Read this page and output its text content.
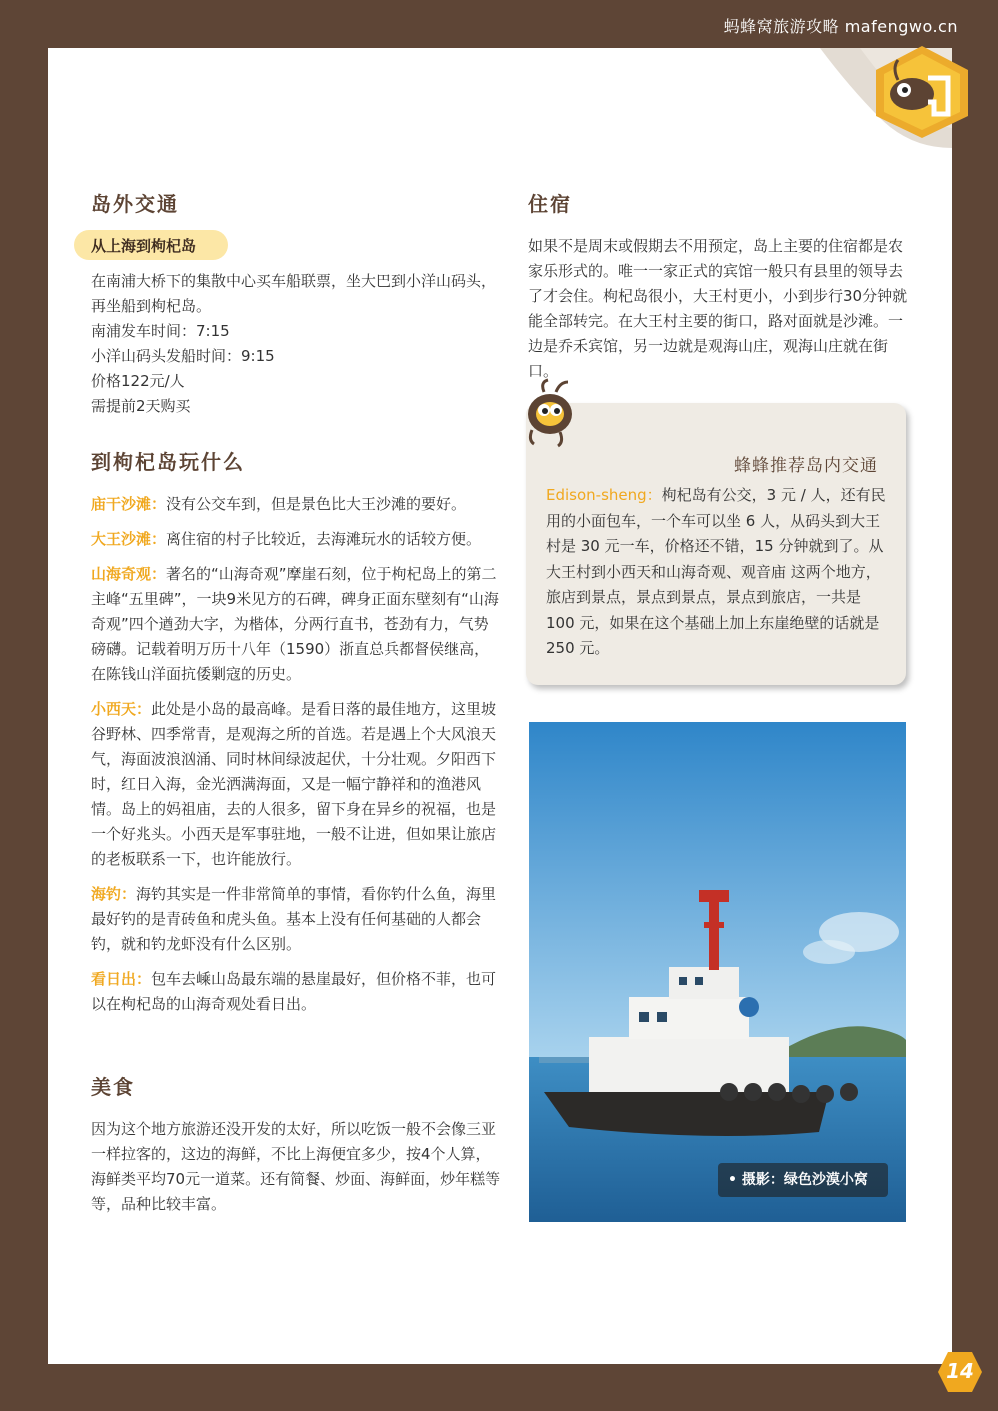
蚂蜂窝旅游攻略 mafengwo.cn
岛外交通
从上海到枸杞岛

在南浦大桥下的集散中心买车船联票，坐大巴到小洋山码头，再坐船到枸杞岛。

南浦发车时间：7:15

小洋山码头发船时间：9:15

价格122元/人

需提前2天购买

到枸杞岛玩什么

庙干沙滩：没有公交车到，但是景色比大王沙滩的要好。

大王沙滩：离住宿的村子比较近，去海滩玩水的话较方便。

山海奇观：著名的“山海奇观”摩崖石刻，位于枸杞岛上的第二主峰“五里碑”，一块9米见方的石碑，碑身正面东壁刻有“山海奇观”四个遒劲大字，为楷体，分两行直书，苍劲有力，气势磅礴。记载着明万历十八年（1590）浙直总兵都督侯继高，在陈钱山洋面抗倭剿寇的历史。

小西天：此处是小岛的最高峰。是看日落的最佳地方，这里坡谷野林、四季常青，是观海之所的首选。若是遇上个大风浪天气，海面波浪汹涌、同时林间绿波起伏，十分壮观。夕阳西下时，红日入海，金光洒满海面，又是一幅宁静祥和的渔港风情。岛上的妈祖庙，去的人很多，留下身在异乡的祝福，也是一个好兆头。小西天是军事驻地，一般不让进，但如果让旅店的老板联系一下，也许能放行。

海钓：海钓其实是一件非常简单的事情，看你钓什么鱼，海里最好钓的是青砖鱼和虎头鱼。基本上没有任何基础的人都会钓，就和钓龙虾没有什么区别。

看日出：包车去嵊山岛最东端的悬崖最好，但价格不菲，也可以在枸杞岛的山海奇观处看日出。

美食

因为这个地方旅游还没开发的太好，所以吃饭一般不会像三亚一样拉客的，这边的海鲜，不比上海便宜多少，按4个人算，海鲜类平均70元一道菜。还有简餐、炒面、海鲜面，炒年糕等等，品种比较丰富。

住宿

如果不是周末或假期去不用预定，岛上主要的住宿都是农家乐形式的。唯一一家正式的宾馆一般只有县里的领导去了才会住。枸杞岛很小，大王村更小，小到步行30分钟就能全部转完。在大王村主要的街口，路对面就是沙滩。一边是乔禾宾馆，另一边就是观海山庄，观海山庄就在街口。

蜂蜂推荐岛内交通
Edison-sheng：枸杞岛有公交，3 元 / 人，还有民用的小面包车，一个车可以坐 6 人，从码头到大王村是 30 元一车，价格还不错，15 分钟就到了。从大王村到小西天和山海奇观、观音庙 这两个地方，旅店到景点，景点到景点，景点到旅店，一共是 100 元，如果在这个基础上加上东崖绝壁的话就是 250 元。
• 摄影：绿色沙漠小窝
14
